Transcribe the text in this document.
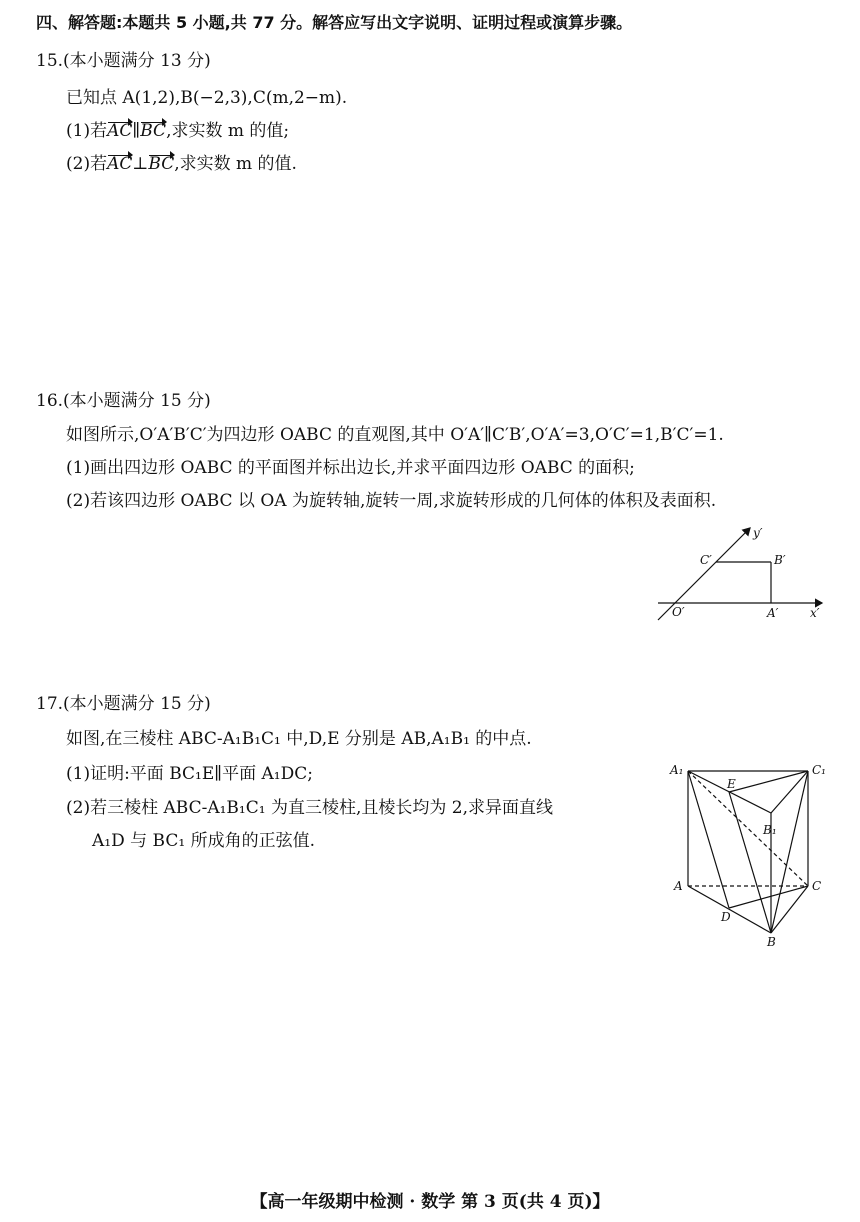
四、解答题:本题共 5 小题,共 77 分。解答应写出文字说明、证明过程或演算步骤。
15.(本小题满分 13 分)
已知点 A(1,2),B(−2,3),C(m,2−m).
(1)若AC∥BC,求实数 m 的值;
(2)若AC⊥BC,求实数 m 的值.
16.(本小题满分 15 分)
如图所示,O′A′B′C′为四边形 OABC 的直观图,其中 O′A′∥C′B′,O′A′=3,O′C′=1,B′C′=1.
(1)画出四边形 OABC 的平面图并标出边长,并求平面四边形 OABC 的面积;
(2)若该四边形 OABC 以 OA 为旋转轴,旋转一周,求旋转形成的几何体的体积及表面积.
y′
x′
C′	B′
O′	A′
17.(本小题满分 15 分)
如图,在三棱柱 ABC-A₁B₁C₁ 中,D,E 分别是 AB,A₁B₁ 的中点.
(1)证明:平面 BC₁E∥平面 A₁DC;
(2)若三棱柱 ABC-A₁B₁C₁ 为直三棱柱,且棱长均为 2,求异面直线
A₁D 与 BC₁ 所成角的正弦值.
A₁	C₁
E
B₁
A	C
D
B
【高一年级期中检测 · 数学 第 3 页(共 4 页)】
